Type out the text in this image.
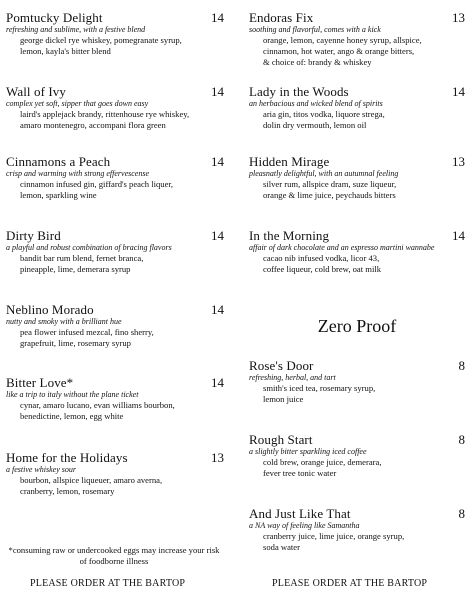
Pomtucky Delight	14
refreshing and sublime, with a festive blend
george dickel rye whiskey, pomegranate syrup,
lemon, kayla's bitter blend
Wall of Ivy	14
complex yet soft, sipper that goes down easy
laird's applejack brandy, rittenhouse rye whiskey,
amaro montenegro, accompani flora green
Cinnamons a Peach	14
crisp and warming with strong effervescense
cinnamon infused gin, giffard's peach liquer,
lemon, sparkling wine
Dirty Bird	14
a playful and robust combination of bracing flavors
bandit bar rum blend, fernet branca,
pineapple, lime, demerara syrup
Neblino Morado	14
nutty and smoky with a brilliant hue
pea flower infused mezcal, fino sherry,
grapefruit, lime, rosemary syrup
Bitter Love*	14
like a trip to italy without the plane ticket
cynar, amaro lucano, evan williams bourbon,
benedictine, lemon, egg white
Home for the Holidays	13
a festive whiskey sour
bourbon, allspice liqueuer, amaro averna,
cranberry, lemon, rosemary
Endoras Fix	13
soothing and flavorful, comes with a kick
orange, lemon, cayenne honey syrup, allspice,
cinnamon, hot water, ango & orange bitters,
& choice of: brandy & whiskey
Lady in the Woods	14
an herbacious and wicked blend of spirits
aria gin, titos vodka, liquore strega,
dolin dry vermouth, lemon oil
Hidden Mirage	13
pleasnatly delightful, with an autumnal feeling
silver rum, allspice dram, suze liqueur,
orange & lime juice, peychauds bitters
In the Morning	14
affair of dark chocolate and an espresso martini wannabe
cacao nib infused vodka, licor 43,
coffee liqueur, cold brew, oat milk
Rose's Door	8
refreshing, herbal, and tart
smith's iced tea, rosemary syrup,
lemon juice
Rough Start	8
a slightly bitter sparkling iced coffee
cold brew, orange juice, demerara,
fever tree tonic water
And Just Like That	8
a NA way of feeling like Samantha
cranberry juice, lime juice, orange syrup,
soda water
Zero Proof
*consuming raw or undercooked eggs may increase your risk of foodborne illness
PLEASE ORDER AT THE BARTOP	PLEASE ORDER AT THE BARTOP
